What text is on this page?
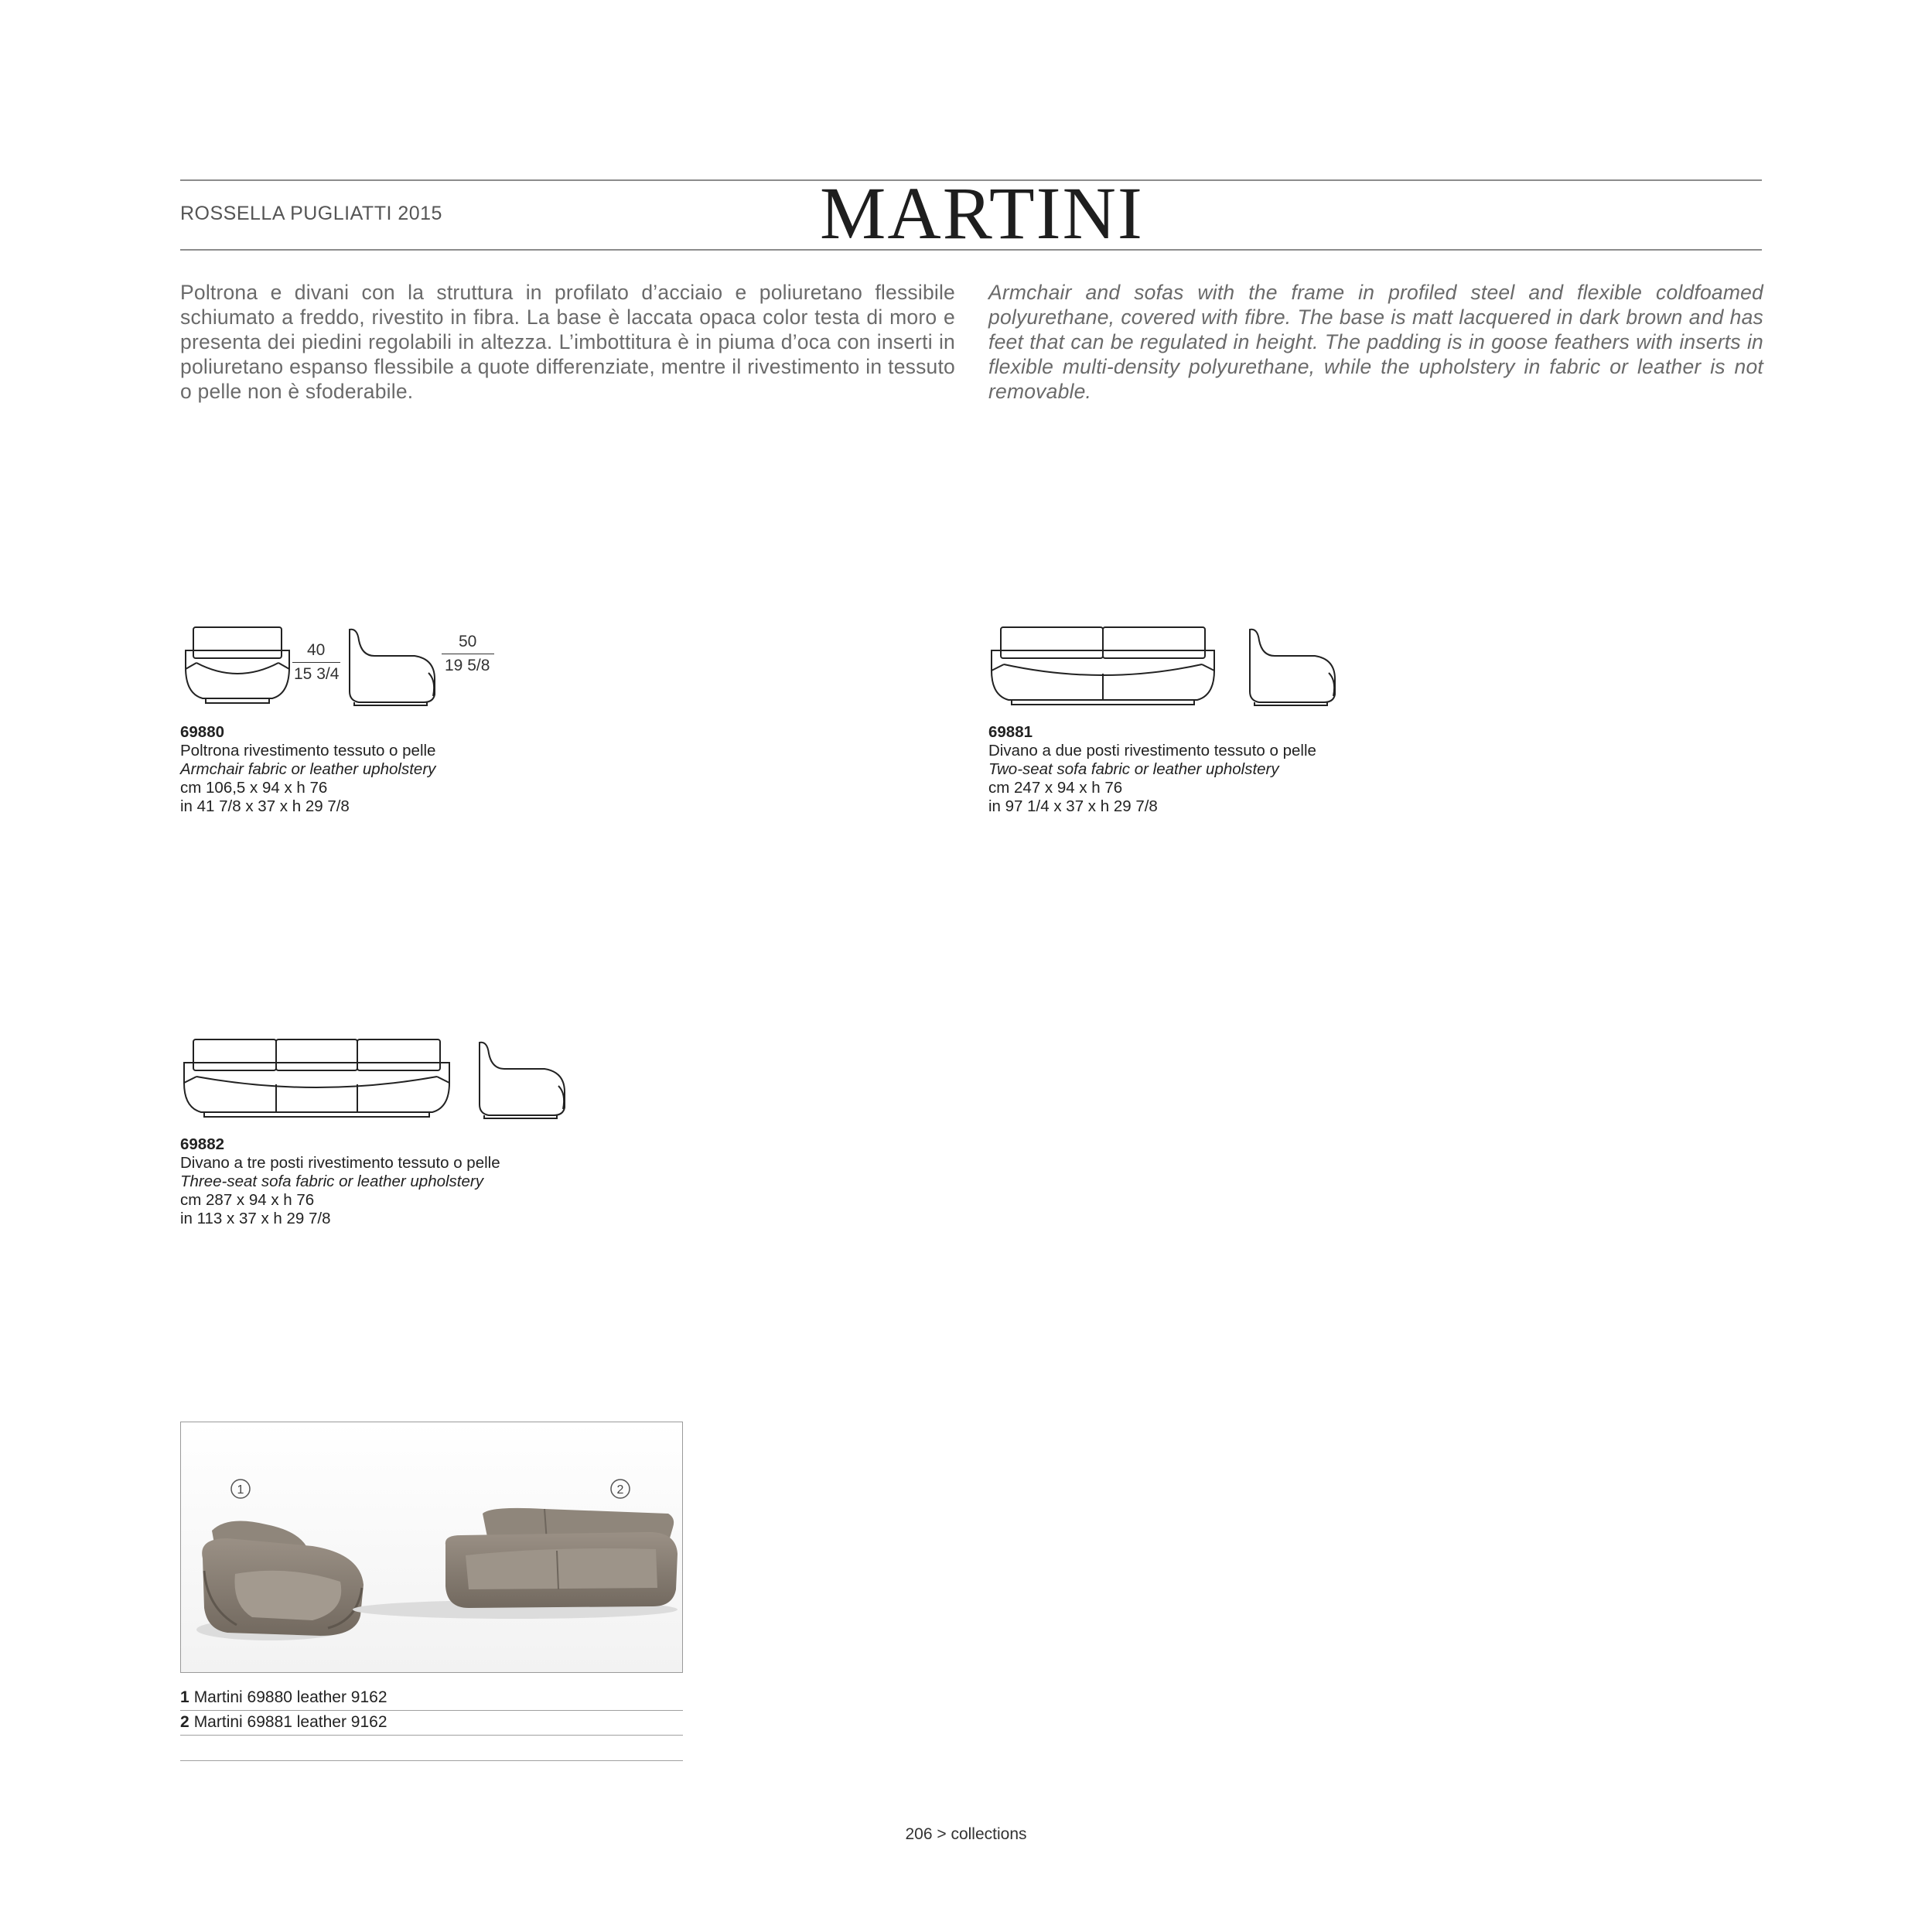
ROSSELLA PUGLIATTI 2015	MARTINI
Poltrona e divani con la struttura in profilato d’acciaio e poliuretano flessibile schiumato a freddo, rivestito in fibra. La base è laccata opaca color testa di moro e presenta dei piedini regolabili in altezza. L’imbottitura è in piuma d’oca con inserti in poliuretano espanso flessibile a quote differenziate, mentre il rivestimento in tessuto o pelle non è sfoderabile.
Armchair and sofas with the frame in profiled steel and flexible coldfoamed polyurethane, covered with fibre. The base is matt lacquered in dark brown and has feet that can be regulated in height. The padding is in goose feathers with inserts in flexible multi-density polyurethane, while the upholstery in fabric or leather is not removable.
40
15 3/4
50
19 5/8
69880
Poltrona rivestimento tessuto o pelle
Armchair fabric or leather upholstery
cm 106,5 x 94 x h 76
in 41 7/8 x 37 x h 29 7/8
69881
Divano a due posti rivestimento tessuto o pelle
Two-seat sofa fabric or leather upholstery
cm 247 x 94 x h 76
in 97 1/4 x 37 x h 29 7/8
69882
Divano a tre posti rivestimento tessuto o pelle
Three-seat sofa fabric or leather upholstery
cm 287 x 94 x h 76
in 113 x 37 x h 29 7/8
1	2
1 Martini 69880 leather 9162
2 Martini 69881 leather 9162
206 > collections
